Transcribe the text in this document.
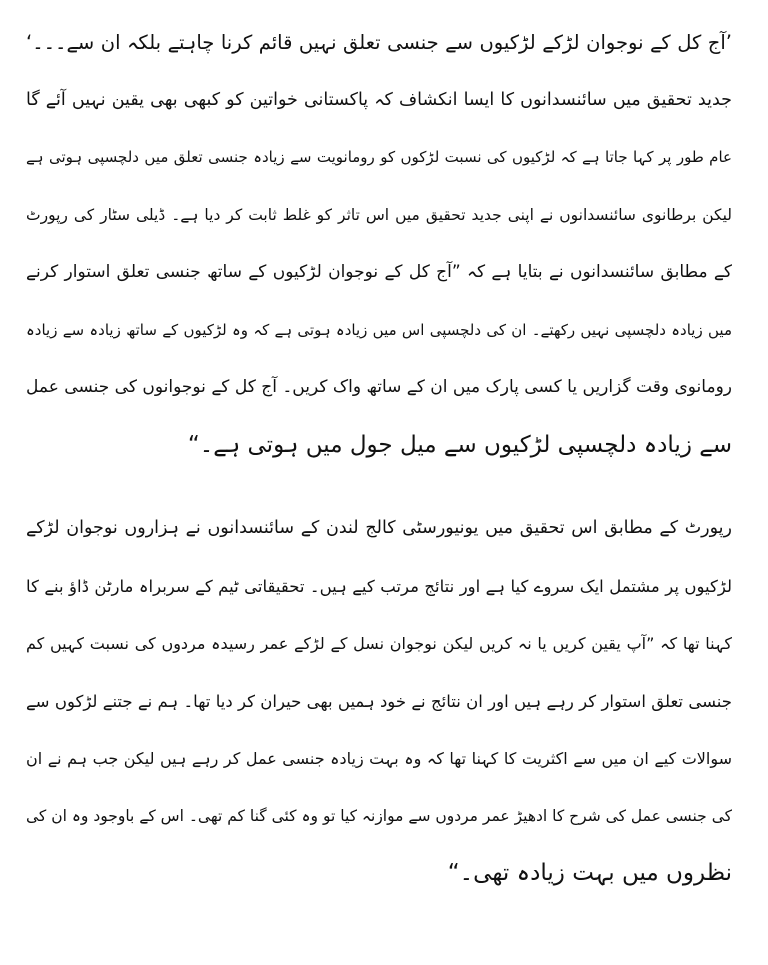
’آج کل کے نوجوان لڑکے لڑکیوں سے جنسی تعلق نہیں قائم کرنا چاہتے بلکہ ان سے۔۔۔‘
جدید تحقیق میں سائنسدانوں کا ایسا انکشاف کہ پاکستانی خواتین کو کبھی بھی یقین نہیں آئے گا
عام طور پر کہا جاتا ہے کہ لڑکیوں کی نسبت لڑکوں کو رومانویت سے زیادہ جنسی تعلق میں دلچسپی ہوتی ہے
لیکن برطانوی سائنسدانوں نے اپنی جدید تحقیق میں اس تاثر کو غلط ثابت کر دیا ہے۔ ڈیلی سٹار کی رپورٹ
کے مطابق سائنسدانوں نے بتایا ہے کہ ”آج کل کے نوجوان لڑکیوں کے ساتھ جنسی تعلق استوار کرنے
میں زیادہ دلچسپی نہیں رکھتے۔ ان کی دلچسپی اس میں زیادہ ہوتی ہے کہ وہ لڑکیوں کے ساتھ زیادہ سے زیادہ
رومانوی وقت گزاریں یا کسی پارک میں ان کے ساتھ واک کریں۔ آج کل کے نوجوانوں کی جنسی عمل
سے زیادہ دلچسپی لڑکیوں سے میل جول میں ہوتی ہے۔“
رپورٹ کے مطابق اس تحقیق میں یونیورسٹی کالج لندن کے سائنسدانوں نے ہزاروں نوجوان لڑکے
لڑکیوں پر مشتمل ایک سروے کیا ہے اور نتائج مرتب کیے ہیں۔ تحقیقاتی ٹیم کے سربراہ مارٹن ڈاؤ بنے کا
کہنا تھا کہ ”آپ یقین کریں یا نہ کریں لیکن نوجوان نسل کے لڑکے عمر رسیدہ مردوں کی نسبت کہیں کم
جنسی تعلق استوار کر رہے ہیں اور ان نتائج نے خود ہمیں بھی حیران کر دیا تھا۔ ہم نے جتنے لڑکوں سے
سوالات کیے ان میں سے اکثریت کا کہنا تھا کہ وہ بہت زیادہ جنسی عمل کر رہے ہیں لیکن جب ہم نے ان
کی جنسی عمل کی شرح کا ادھیڑ عمر مردوں سے موازنہ کیا تو وہ کئی گنا کم تھی۔ اس کے باوجود وہ ان کی
نظروں میں بہت زیادہ تھی۔“
